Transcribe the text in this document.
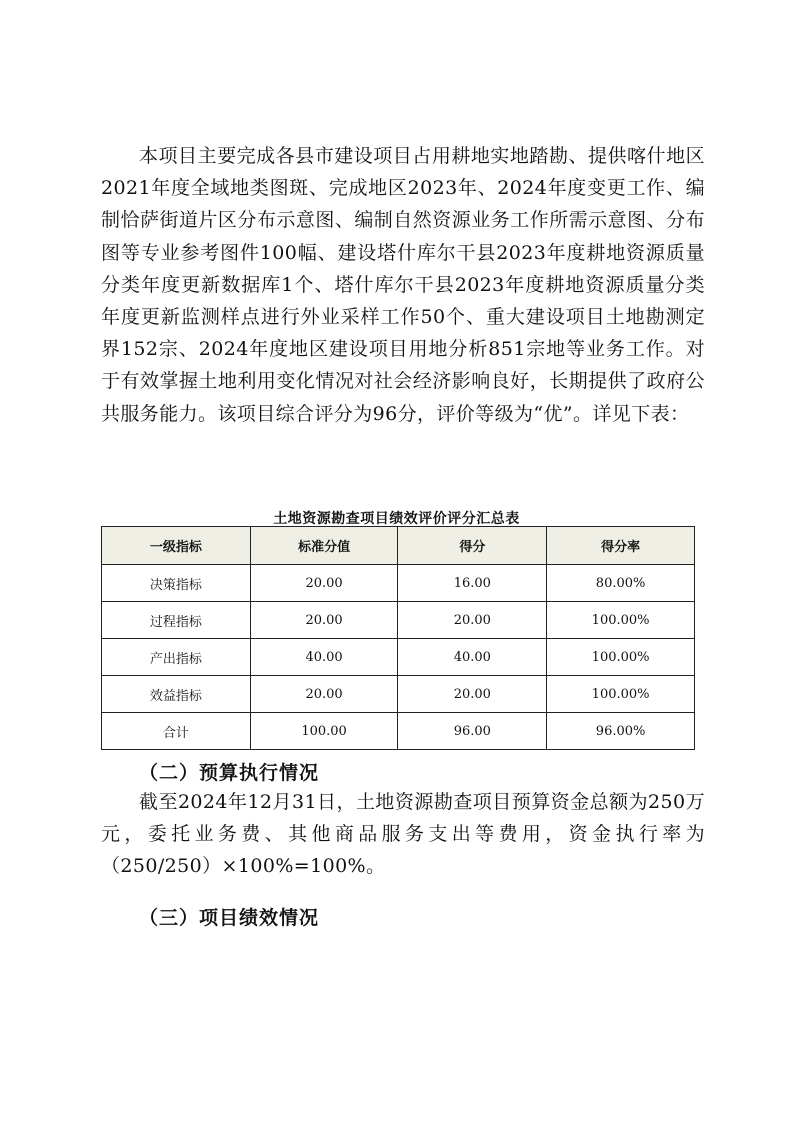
本项目主要完成各县市建设项目占用耕地实地踏勘、提供喀什地区2021年度全域地类图斑、完成地区2023年、2024年度变更工作、编制恰萨街道片区分布示意图、编制自然资源业务工作所需示意图、分布图等专业参考图件100幅、建设塔什库尔干县2023年度耕地资源质量分类年度更新数据库1个、塔什库尔干县2023年度耕地资源质量分类年度更新监测样点进行外业采样工作50个、重大建设项目土地勘测定界152宗、2024年度地区建设项目用地分析851宗地等业务工作。对于有效掌握土地利用变化情况对社会经济影响良好，长期提供了政府公共服务能力。该项目综合评分为96分，评价等级为“优”。详见下表：
土地资源勘查项目绩效评价评分汇总表
一级指标	标准分值	得分	得分率
决策指标	20.00	16.00	80.00%
过程指标	20.00	20.00	100.00%
产出指标	40.00	40.00	100.00%
效益指标	20.00	20.00	100.00%
合计	100.00	96.00	96.00%
（二）预算执行情况
截至2024年12月31日，土地资源勘查项目预算资金总额为250万元，委托业务费、其他商品服务支出等费用，资金执行率为（250/250）×100%=100%。
（三）项目绩效情况
